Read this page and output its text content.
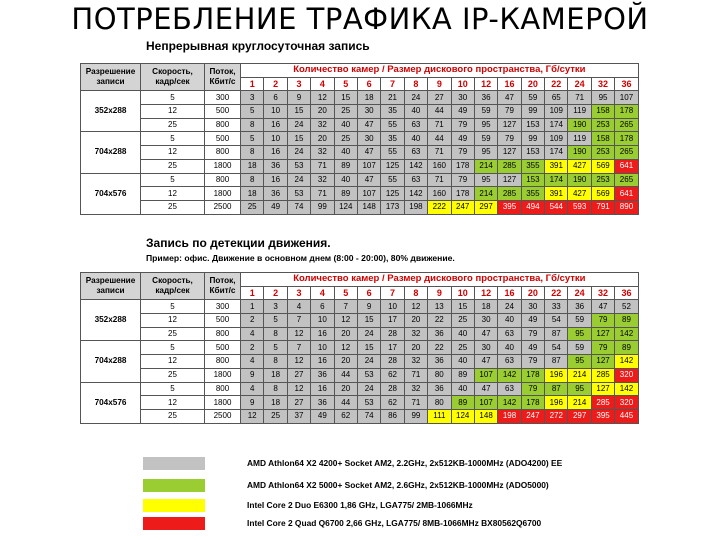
ПОТРЕБЛЕНИЕ ТРАФИКА IP-КАМЕРОЙ
Непрерывная круглосуточная запись
Разрешение записи	Скорость, кадр/сек	Поток, Кбит/с	Количество камер / Размер дискового пространства, Гб/сутки																
			1	2	3	4	5	6	7	8	9	10	12	16	20	22	24	32	36
352x288	5	300	3	6	9	12	15	18	21	24	27	30	36	47	59	65	71	95	107
	12	500	5	10	15	20	25	30	35	40	44	49	59	79	99	109	119	158	178
	25	800	8	16	24	32	40	47	55	63	71	79	95	127	153	174	190	253	265
704x288	5	500	5	10	15	20	25	30	35	40	44	49	59	79	99	109	119	158	178
	12	800	8	16	24	32	40	47	55	63	71	79	95	127	153	174	190	253	265
	25	1800	18	36	53	71	89	107	125	142	160	178	214	285	355	391	427	569	641
704x576	5	800	8	16	24	32	40	47	55	63	71	79	95	127	153	174	190	253	265
	12	1800	18	36	53	71	89	107	125	142	160	178	214	285	355	391	427	569	641
	25	2500	25	49	74	99	124	148	173	198	222	247	297	395	494	544	593	791	890
Запись по детекции движения.
Пример: офис. Движение в основном днем (8:00 - 20:00), 80% движение.
Разрешение записи	Скорость, кадр/сек	Поток, Кбит/с	Количество камер / Размер дискового пространства, Гб/сутки																
			1	2	3	4	5	6	7	8	9	10	12	16	20	22	24	32	36
352x288	5	300	1	3	4	6	7	9	10	12	13	15	18	24	30	33	36	47	52
	12	500	2	5	7	10	12	15	17	20	22	25	30	40	49	54	59	79	89
	25	800	4	8	12	16	20	24	28	32	36	40	47	63	79	87	95	127	142
704x288	5	500	2	5	7	10	12	15	17	20	22	25	30	40	49	54	59	79	89
	12	800	4	8	12	16	20	24	28	32	36	40	47	63	79	87	95	127	142
	25	1800	9	18	27	36	44	53	62	71	80	89	107	142	178	196	214	285	320
704x576	5	800	4	8	12	16	20	24	28	32	36	40	47	63	79	87	95	127	142
	12	1800	9	18	27	36	44	53	62	71	80	89	107	142	178	196	214	285	320
	25	2500	12	25	37	49	62	74	86	99	111	124	148	198	247	272	297	395	445
AMD Athlon64 X2 4200+ Socket AM2, 2.2GHz, 2x512KB-1000MHz (ADO4200) EE
AMD Athlon64 X2 5000+ Socket AM2, 2.6GHz, 2x512KB-1000MHz (ADO5000)
Intel Core 2 Duo E6300 1,86 GHz, LGA775/ 2MB-1066MHz
Intel Core 2 Quad Q6700 2,66 GHz, LGA775/ 8MB-1066MHz BX80562Q6700
